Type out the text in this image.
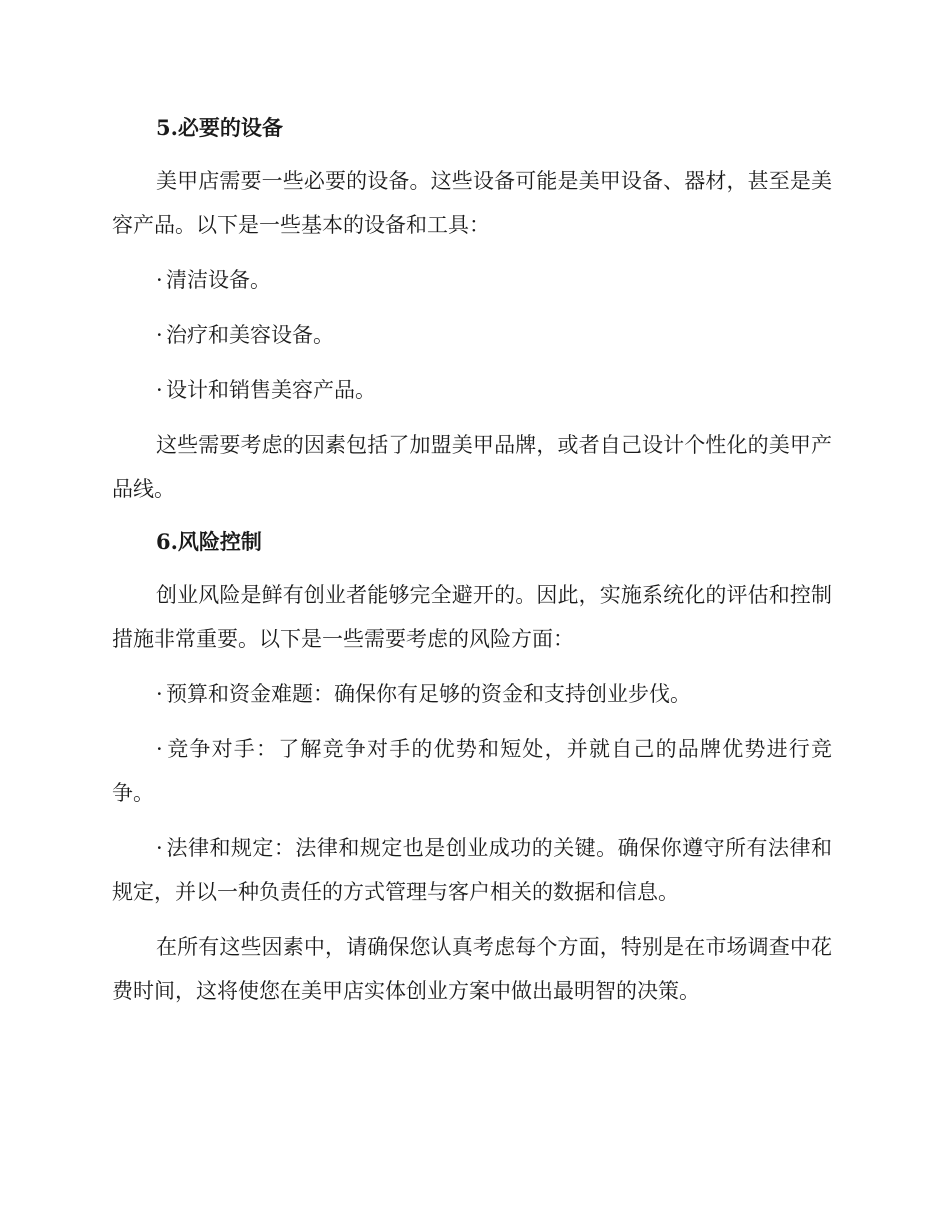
5.必要的设备

美甲店需要一些必要的设备。这些设备可能是美甲设备、器材，甚至是美容产品。以下是一些基本的设备和工具：

· 清洁设备。

· 治疗和美容设备。

· 设计和销售美容产品。

这些需要考虑的因素包括了加盟美甲品牌，或者自己设计个性化的美甲产品线。

6.风险控制

创业风险是鲜有创业者能够完全避开的。因此，实施系统化的评估和控制措施非常重要。以下是一些需要考虑的风险方面：

· 预算和资金难题：确保你有足够的资金和支持创业步伐。

· 竞争对手：了解竞争对手的优势和短处，并就自己的品牌优势进行竞争。

· 法律和规定：法律和规定也是创业成功的关键。确保你遵守所有法律和规定，并以一种负责任的方式管理与客户相关的数据和信息。

在所有这些因素中，请确保您认真考虑每个方面，特别是在市场调查中花费时间，这将使您在美甲店实体创业方案中做出最明智的决策。
